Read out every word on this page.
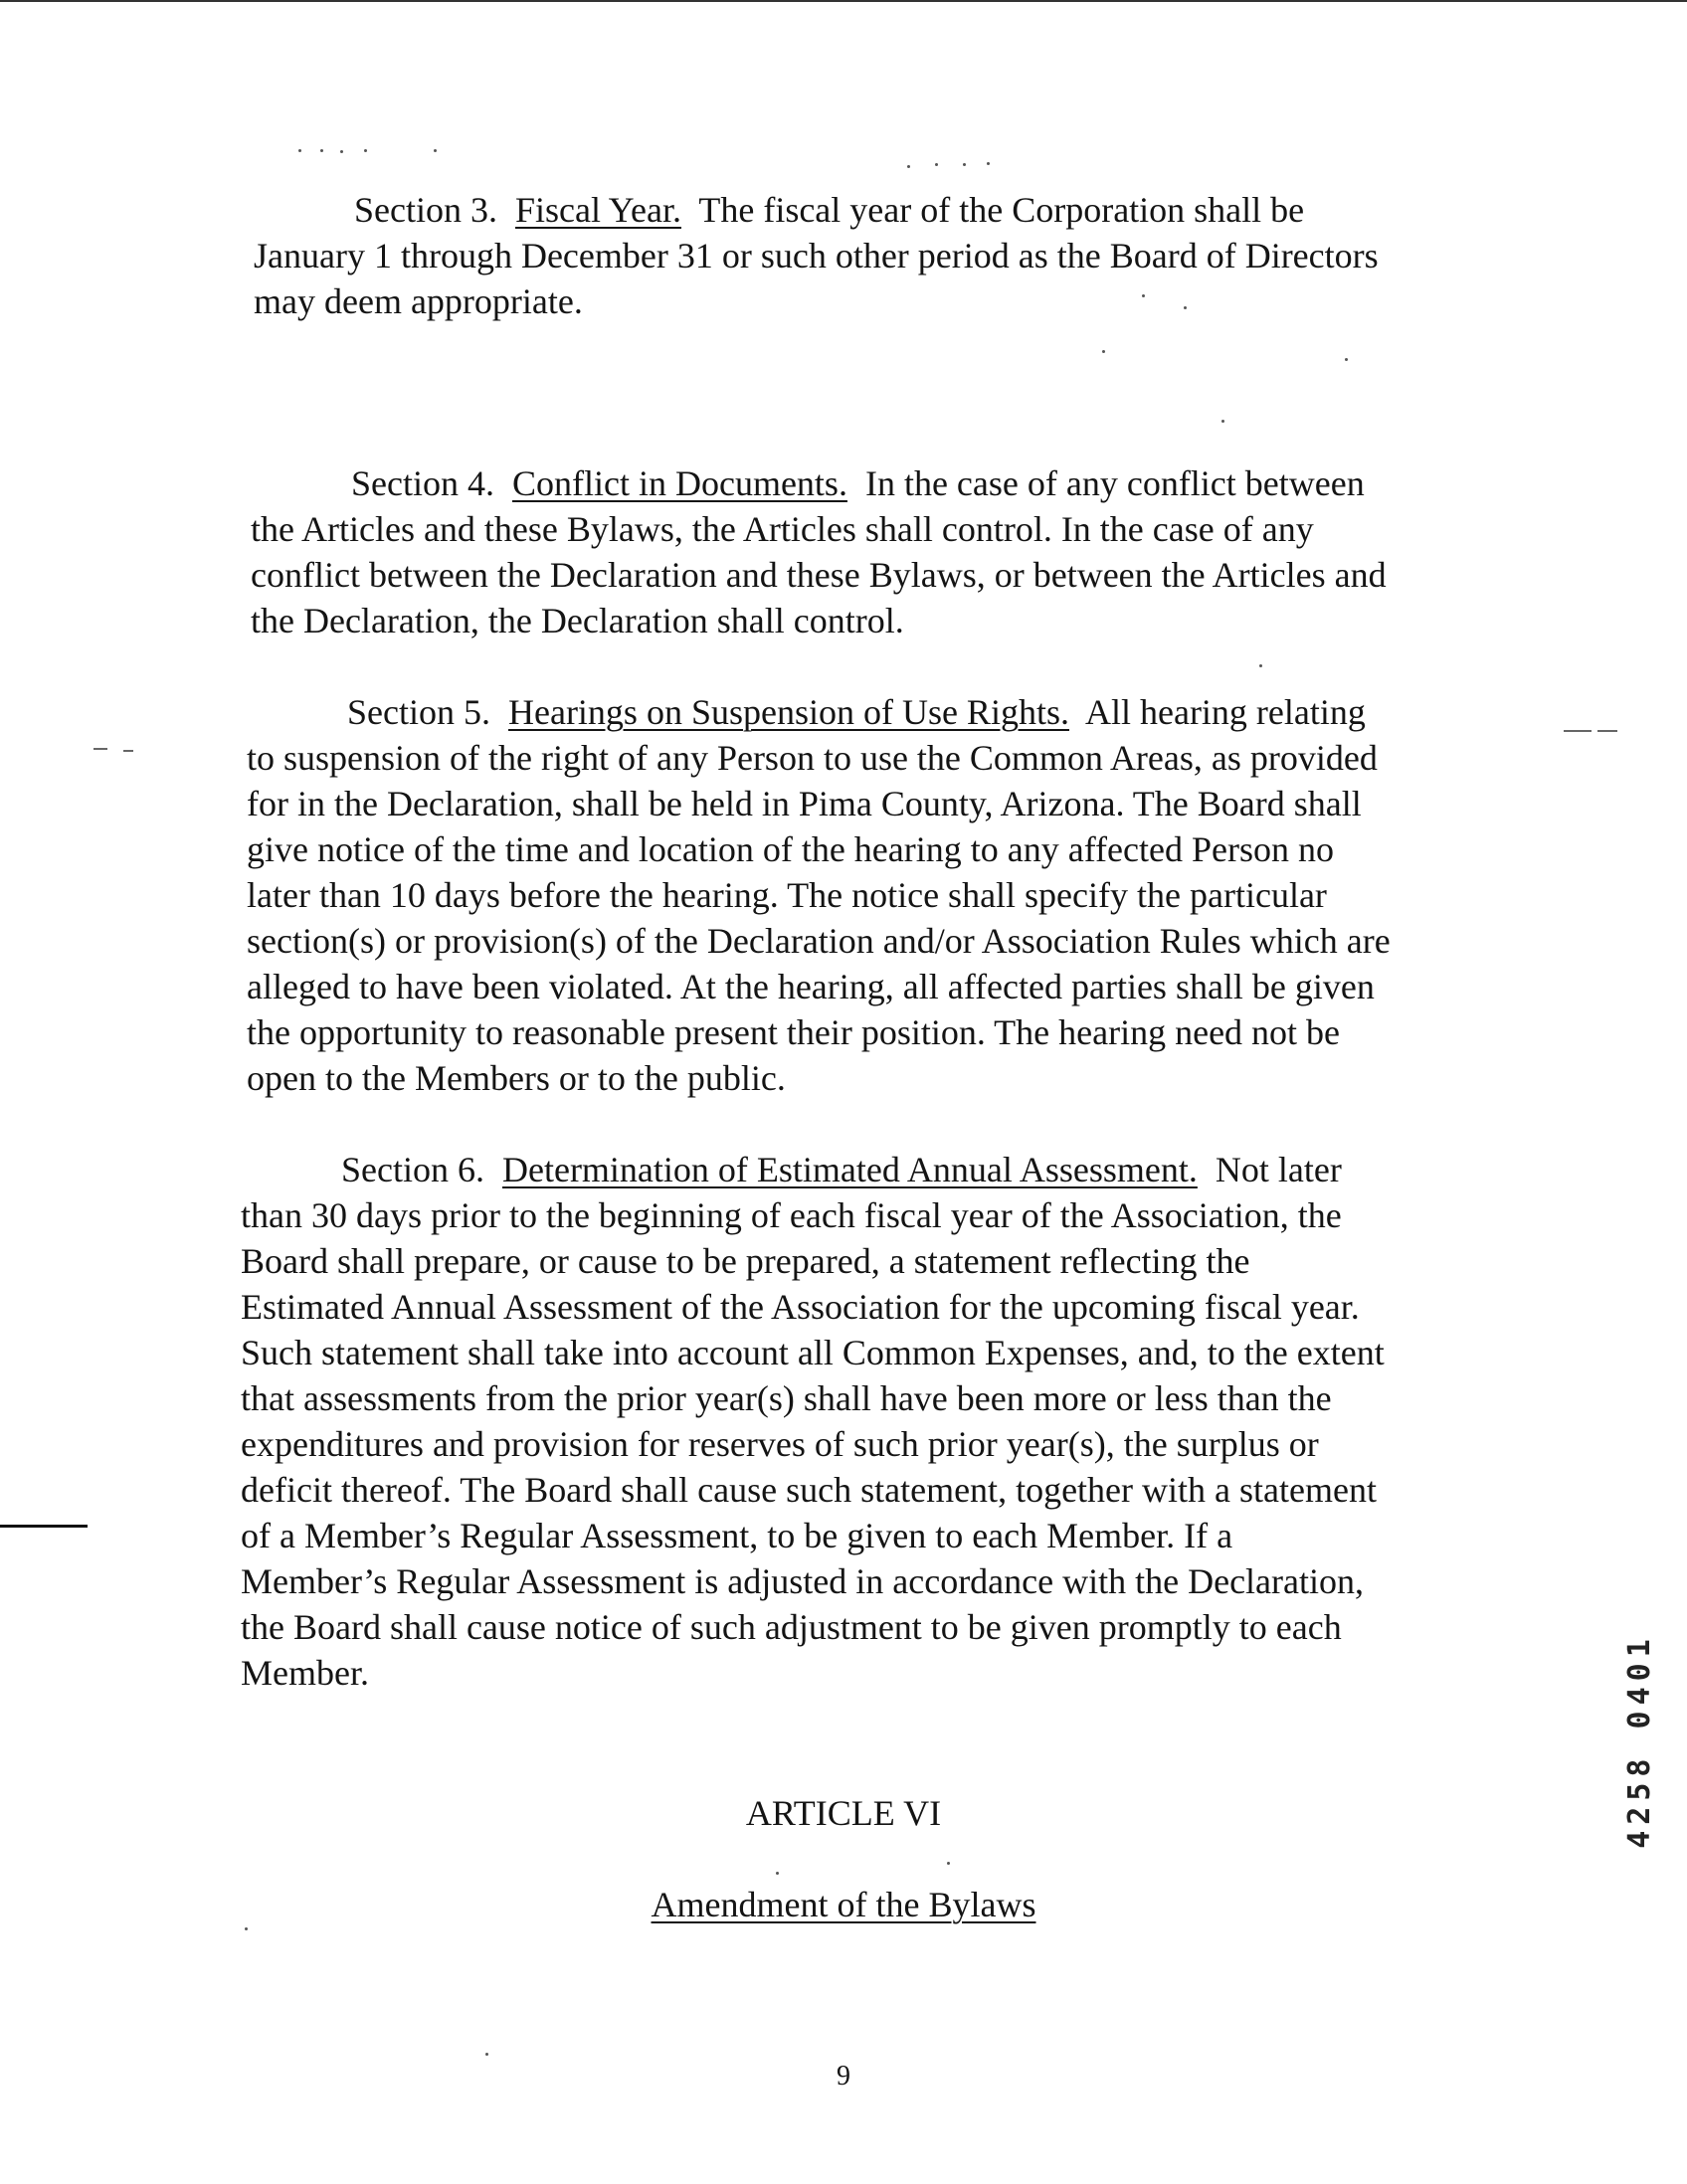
Section 3. Fiscal Year. The fiscal year of the Corporation shall be
January 1 through December 31 or such other period as the Board of Directors
may deem appropriate.
Section 4. Conflict in Documents. In the case of any conflict between
the Articles and these Bylaws, the Articles shall control. In the case of any
conflict between the Declaration and these Bylaws, or between the Articles and
the Declaration, the Declaration shall control.
Section 5. Hearings on Suspension of Use Rights. All hearing relating
to suspension of the right of any Person to use the Common Areas, as provided
for in the Declaration, shall be held in Pima County, Arizona. The Board shall
give notice of the time and location of the hearing to any affected Person no
later than 10 days before the hearing. The notice shall specify the particular
section(s) or provision(s) of the Declaration and/or Association Rules which are
alleged to have been violated. At the hearing, all affected parties shall be given
the opportunity to reasonable present their position. The hearing need not be
open to the Members or to the public.
Section 6. Determination of Estimated Annual Assessment. Not later
than 30 days prior to the beginning of each fiscal year of the Association, the
Board shall prepare, or cause to be prepared, a statement reflecting the
Estimated Annual Assessment of the Association for the upcoming fiscal year.
Such statement shall take into account all Common Expenses, and, to the extent
that assessments from the prior year(s) shall have been more or less than the
expenditures and provision for reserves of such prior year(s), the surplus or
deficit thereof. The Board shall cause such statement, together with a statement
of a Member’s Regular Assessment, to be given to each Member. If a
Member’s Regular Assessment is adjusted in accordance with the Declaration,
the Board shall cause notice of such adjustment to be given promptly to each
Member.
ARTICLE VI
Amendment of the Bylaws
9
4258 0401
